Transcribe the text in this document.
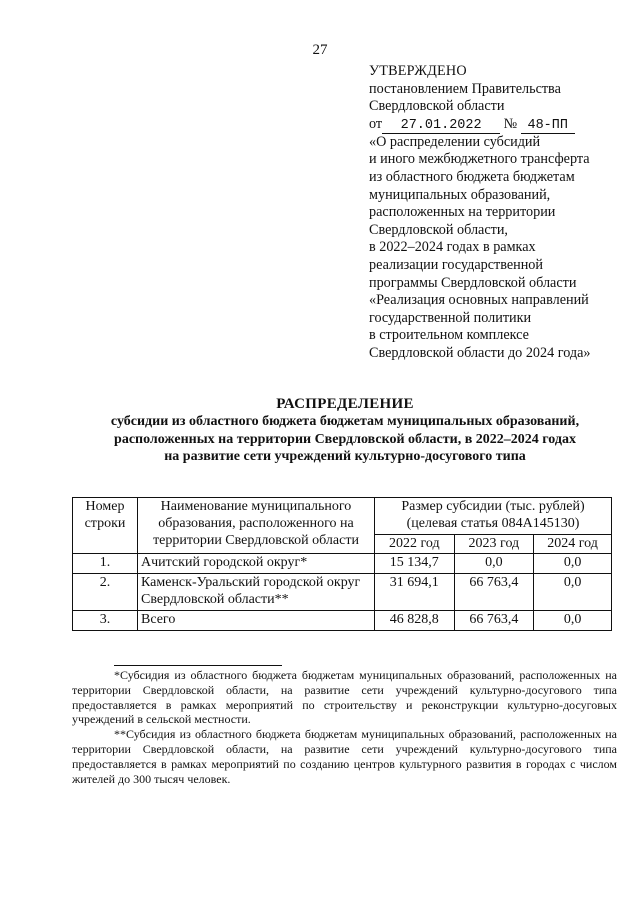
27
УТВЕРЖДЕНО
постановлением Правительства
Свердловской области
от 27.01.2022 № 48-ПП
«О распределении субсидий
и иного межбюджетного трансферта
из областного бюджета бюджетам
муниципальных образований,
расположенных на территории
Свердловской области,
в 2022–2024 годах в рамках
реализации государственной
программы Свердловской области
«Реализация основных направлений
государственной политики
в строительном комплексе
Свердловской области до 2024 года»
РАСПРЕДЕЛЕНИЕ
субсидии из областного бюджета бюджетам муниципальных образований,
расположенных на территории Свердловской области, в 2022–2024 годах
на развитие сети учреждений культурно-досугового типа
Номер строки	Наименование муниципального образования, расположенного на территории Свердловской области	Размер субсидии (тыс. рублей) (целевая статья 084А145130)		
		2022 год	2023 год	2024 год
1.	Ачитский городской округ*	15 134,7	0,0	0,0
2.	Каменск-Уральский городской округ Свердловской области**	31 694,1	66 763,4	0,0
3.	Всего	46 828,8	66 763,4	0,0
*Субсидия из областного бюджета бюджетам муниципальных образований, расположенных на территории Свердловской области, на развитие сети учреждений культурно-досугового типа предоставляется в рамках мероприятий по строительству и реконструкции культурно-досуговых учреждений в сельской местности.
**Субсидия из областного бюджета бюджетам муниципальных образований, расположенных на территории Свердловской области, на развитие сети учреждений культурно-досугового типа предоставляется в рамках мероприятий по созданию центров культурного развития в городах с числом жителей до 300 тысяч человек.
